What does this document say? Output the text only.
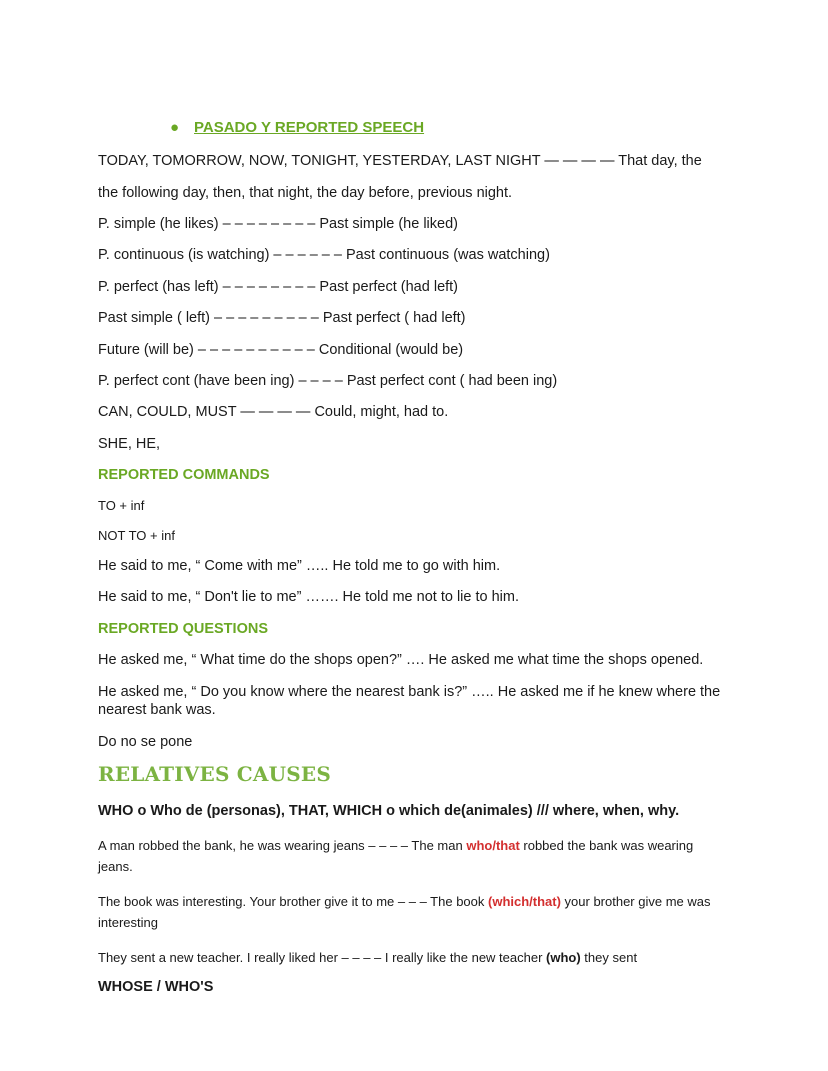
● PASADO Y REPORTED SPEECH
TODAY, TOMORROW, NOW, TONIGHT, YESTERDAY, LAST NIGHT — — — — That day, the
the following day, then, that night, the day before, previous night.
P. simple (he likes) – – – – – – – – Past simple (he liked)
P. continuous (is watching) – – – – – – Past continuous (was watching)
P. perfect (has left) – – – – – – – – Past perfect (had left)
Past simple ( left) – – – – – – – – – Past perfect ( had left)
Future (will be) – – – – – – – – – – Conditional (would be)
P. perfect cont (have been ing) – – – – Past perfect cont ( had been ing)
CAN, COULD, MUST — — — — Could, might, had to.
SHE, HE,
REPORTED COMMANDS
TO + inf
NOT TO + inf
He said to me, “ Come with me” ….. He told me to go with him.
He said to me, “ Don't lie to me” ……. He told me not to lie to him.
REPORTED QUESTIONS
He asked me, “ What time do the shops open?” …. He asked me what time the shops opened.
He asked me, “ Do you know where the nearest bank is?” ….. He asked me if he knew where the nearest bank was.
Do no se pone
RELATIVES CAUSES
WHO o Who de (personas), THAT, WHICH o which de(animales) /// where, when, why.
A man robbed the bank, he was wearing jeans – – – – The man who/that robbed the bank was wearing jeans.
The book was interesting. Your brother give it to me – – – The book (which/that) your brother give me was interesting
They sent a new teacher. I really liked her – – – – I really like the new teacher (who) they sent
WHOSE / WHO'S
